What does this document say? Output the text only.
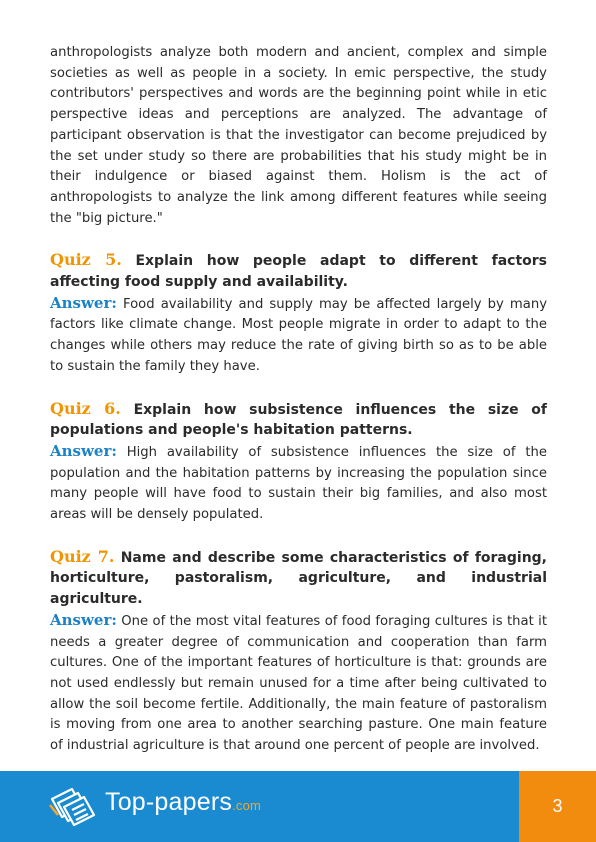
anthropologists analyze both modern and ancient, complex and simple societies as well as people in a society. In emic perspective, the study contributors' perspectives and words are the beginning point while in etic perspective ideas and perceptions are analyzed. The advantage of participant observation is that the investigator can become prejudiced by the set under study so there are probabilities that his study might be in their indulgence or biased against them. Holism is the act of anthropologists to analyze the link among different features while seeing the "big picture."

Quiz 5. Explain how people adapt to different factors affecting food supply and availability.

Answer: Food availability and supply may be affected largely by many factors like climate change. Most people migrate in order to adapt to the changes while others may reduce the rate of giving birth so as to be able to sustain the family they have.

Quiz 6. Explain how subsistence influences the size of populations and people's habitation patterns.

Answer: High availability of subsistence influences the size of the population and the habitation patterns by increasing the population since many people will have food to sustain their big families, and also most areas will be densely populated.

Quiz 7. Name and describe some characteristics of foraging, horticulture, pastoralism, agriculture, and industrial agriculture.

Answer: One of the most vital features of food foraging cultures is that it needs a greater degree of communication and cooperation than farm cultures. One of the important features of horticulture is that: grounds are not used endlessly but remain unused for a time after being cultivated to allow the soil become fertile. Additionally, the main feature of pastoralism is moving from one area to another searching pasture. One main feature of industrial agriculture is that around one percent of people are involved.

Top-papers.com	3
